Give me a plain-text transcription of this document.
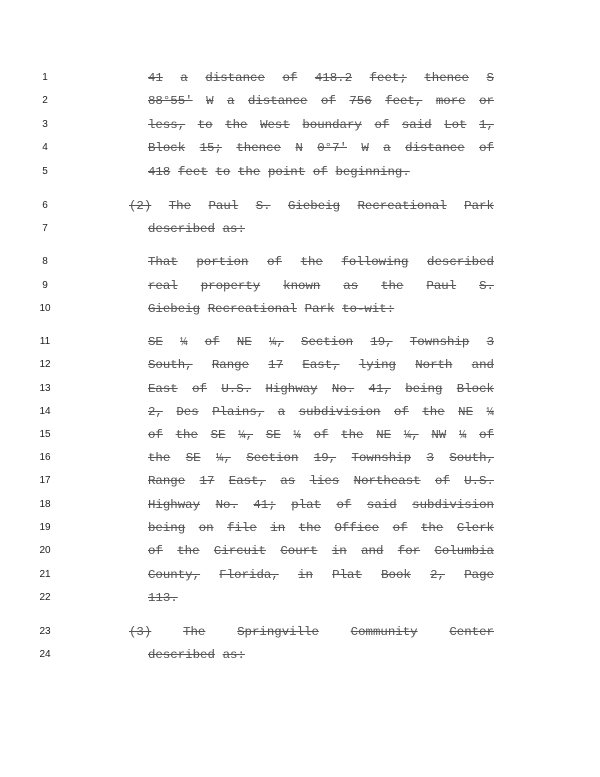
1
2
3
4
5
6
7
8
9
10
11
12
13
14
15
16
17
18
19
20
21
22
23
24
41 a distance of 418.2 feet; thence S
88°55′ W a distance of 756 feet, more or
less, to the West boundary of said Lot 1,
Block 15; thence N 0°7′ W a distance of
418 feet to the point of beginning.
(2) The Paul S. Giebeig Recreational Park
described as:
That portion of the following described
real property known as the Paul S.
Giebeig Recreational Park to-wit:
SE ¼ of NE ¼, Section 19, Township 3
South, Range 17 East, lying North and
East of U.S. Highway No. 41, being Block
2, Des Plains, a subdivision of the NE ¼
of the SE ¼, SE ¼ of the NE ¼, NW ¼ of
the SE ¼, Section 19, Township 3 South,
Range 17 East, as lies Northeast of U.S.
Highway No. 41; plat of said subdivision
being on file in the Office of the Clerk
of the Circuit Court in and for Columbia
County, Florida, in Plat Book 2, Page
113.
(3)	The	Springville	Community	Center
described as:
